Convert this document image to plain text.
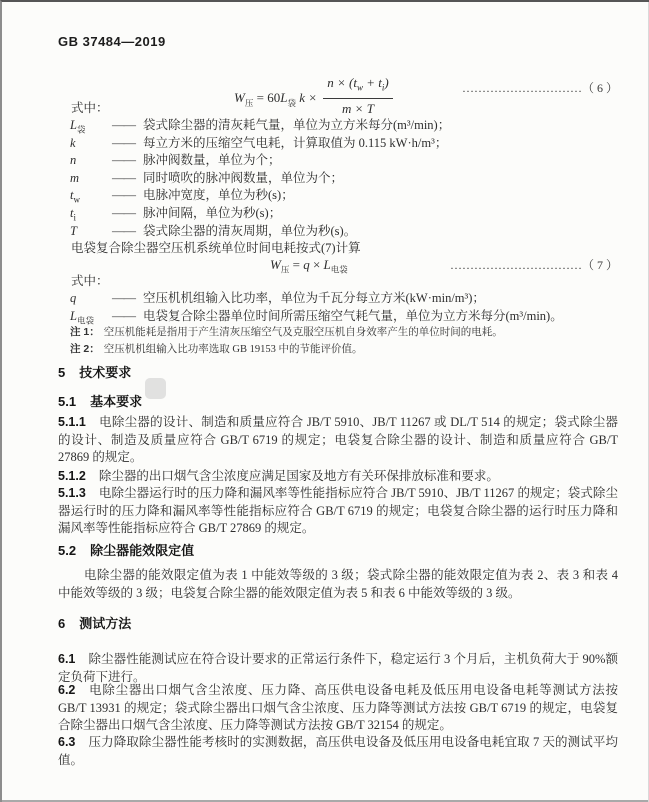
GB 37484—2019
$W_压 = 60L_袋$ $k \times \frac{n \times (t_w + t_i)}{m \times T}$	…………………………（ 6 ）
式中：
$L_袋$	—— 袋式除尘器的清灰耗气量，单位为立方米每分(m³/min)；
k	—— 每立方米的压缩空气电耗，计算取值为 0.115 kW·h/m³；
n	—— 脉冲阀数量，单位为个；
m	—— 同时喷吹的脉冲阀数量，单位为个；
$t_w$	—— 电脉冲宽度，单位为秒(s)；
$t_i$	—— 脉冲间隔，单位为秒(s)；
T	—— 袋式除尘器的清灰周期，单位为秒(s)。
电袋复合除尘器空压机系统单位时间电耗按式(7)计算
$W_压 = q \times L_{电袋}$	……………………………（ 7 ）
式中：
q	—— 空压机机组输入比功率，单位为千瓦分每立方米(kW·min/m³)；
$L_{电袋}$	—— 电袋复合除尘器单位时间所需压缩空气耗气量，单位为立方米每分(m³/min)。
注 1： 空压机能耗是指用于产生清灰压缩空气及克服空压机自身效率产生的单位时间的电耗。
注 2： 空压机机组输入比功率选取 GB 19153 中的节能评价值。
5 技术要求
5.1 基本要求

5.1.1 电除尘器的设计、制造和质量应符合 JB/T 5910、JB/T 11267 或 DL/T 514 的规定；袋式除尘器的设计、制造及质量应符合 GB/T 6719 的规定；电袋复合除尘器的设计、制造和质量应符合 GB/T 27869 的规定。

5.1.2 除尘器的出口烟气含尘浓度应满足国家及地方有关环保排放标准和要求。

5.1.3 电除尘器运行时的压力降和漏风率等性能指标应符合 JB/T 5910、JB/T 11267 的规定；袋式除尘器运行时的压力降和漏风率等性能指标应符合 GB/T 6719 的规定；电袋复合除尘器的运行时压力降和漏风率等性能指标应符合 GB/T 27869 的规定。

5.2 除尘器能效限定值

电除尘器的能效限定值为表 1 中能效等级的 3 级；袋式除尘器的能效限定值为表 2、表 3 和表 4 中能效等级的 3 级；电袋复合除尘器的能效限定值为表 5 和表 6 中能效等级的 3 级。

6 测试方法

6.1 除尘器性能测试应在符合设计要求的正常运行条件下，稳定运行 3 个月后，主机负荷大于 90%额定负荷下进行。

6.2 电除尘器出口烟气含尘浓度、压力降、高压供电设备电耗及低压用电设备电耗等测试方法按 GB/T 13931 的规定；袋式除尘器出口烟气含尘浓度、压力降等测试方法按 GB/T 6719 的规定，电袋复合除尘器出口烟气含尘浓度、压力降等测试方法按 GB/T 32154 的规定。

6.3 压力降取除尘器性能考核时的实测数据，高压供电设备及低压用电设备电耗宜取 7 天的测试平均值。
